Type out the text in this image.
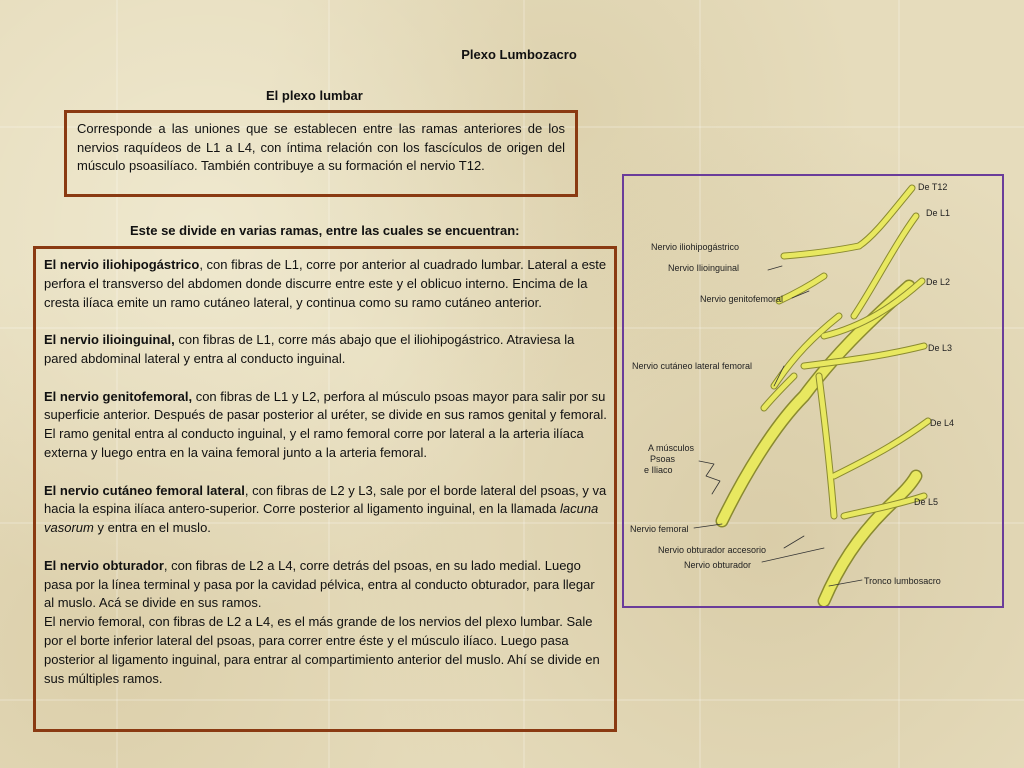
Plexo Lumbozacro
El plexo lumbar
Corresponde a las uniones que se establecen entre las ramas anteriores de los nervios raquídeos de L1 a L4, con íntima relación con los fascículos de origen del músculo psoasilíaco. También contribuye a su formación el nervio T12.
Este se divide en varias ramas, entre las cuales se encuentran:

El nervio iliohipogástrico, con fibras de L1, corre por anterior al cuadrado lumbar. Lateral a este perfora el transverso del abdomen donde discurre entre este y el oblicuo interno. Encima de la cresta ilíaca emite un ramo cutáneo lateral, y continua como su ramo cutáneo anterior.

El nervio ilioinguinal, con fibras de L1, corre más abajo que el iliohipogástrico. Atraviesa la pared abdominal lateral y entra al conducto inguinal.

El nervio genitofemoral, con fibras de L1 y L2, perfora al músculo psoas mayor para salir por su superficie anterior. Después de pasar posterior al uréter, se divide en sus ramos genital y femoral. El ramo genital entra al conducto inguinal, y el ramo femoral corre por lateral a la arteria ilíaca externa y luego entra en la vaina femoral junto a la arteria femoral.

El nervio cutáneo femoral lateral, con fibras de L2 y L3, sale por el borde lateral del psoas, y va hacia la espina ilíaca antero-superior. Corre posterior al ligamento inguinal, en la llamada lacuna vasorum y entra en el muslo.

El nervio obturador, con fibras de L2 a L4, corre detrás del psoas, en su lado medial. Luego pasa por la línea terminal y pasa por la cavidad pélvica, entra al conducto obturador, para llegar al muslo. Acá se divide en sus ramos.

El nervio femoral, con fibras de L2 a L4, es el más grande de los nervios del plexo lumbar. Sale por el borte inferior lateral del psoas, para correr entre éste y el músculo ilíaco. Luego pasa posterior al ligamento inguinal, para entrar al compartimiento anterior del muslo. Ahí se divide en sus múltiples ramos.

De T12
De L1
De L2
De L3
De L4
De L5
Nervio iliohipogástrico
Nervio Ilioinguinal
Nervio genitofemoral
Nervio cutáneo lateral femoral
A músculos
Psoas
e Iliaco
Nervio femoral
Nervio obturador accesorio
Nervio obturador
Tronco lumbosacro
